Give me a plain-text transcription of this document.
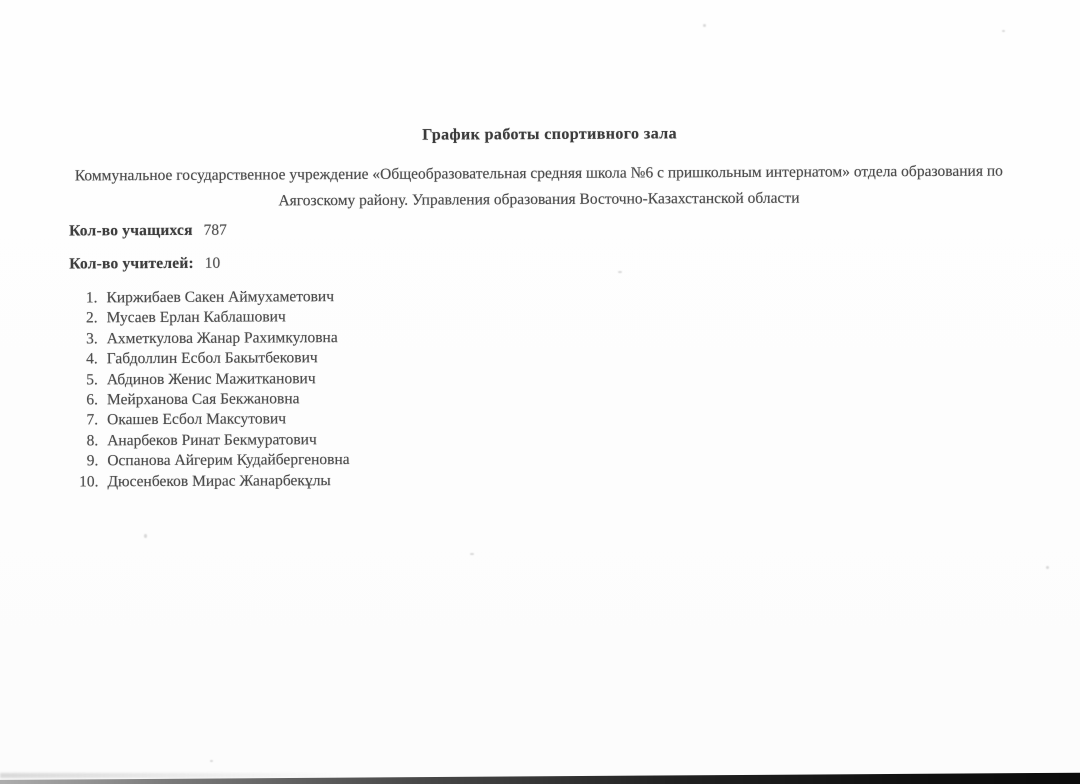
График работы спортивного зала
Коммунальное государственное учреждение «Общеобразовательная средняя школа №6 с пришкольным интернатом» отдела образования по
Аягозскому району. Управления образования Восточно-Казахстанской области
Кол-во учащихся 787
Кол-во учителей: 10
1. Киржибаев Сакен Аймухаметович
2. Мусаев Ерлан Каблашович
3. Ахметкулова Жанар Рахимкуловна
4. Габдоллин Есбол Бакытбекович
5. Абдинов Женис Мажитканович
6. Мейрханова Сая Бекжановна
7. Окашев Есбол Максутович
8. Анарбеков Ринат Бекмуратович
9. Оспанова Айгерим Кудайбергеновна
10. Дюсенбеков Мирас Жанарбекұлы
